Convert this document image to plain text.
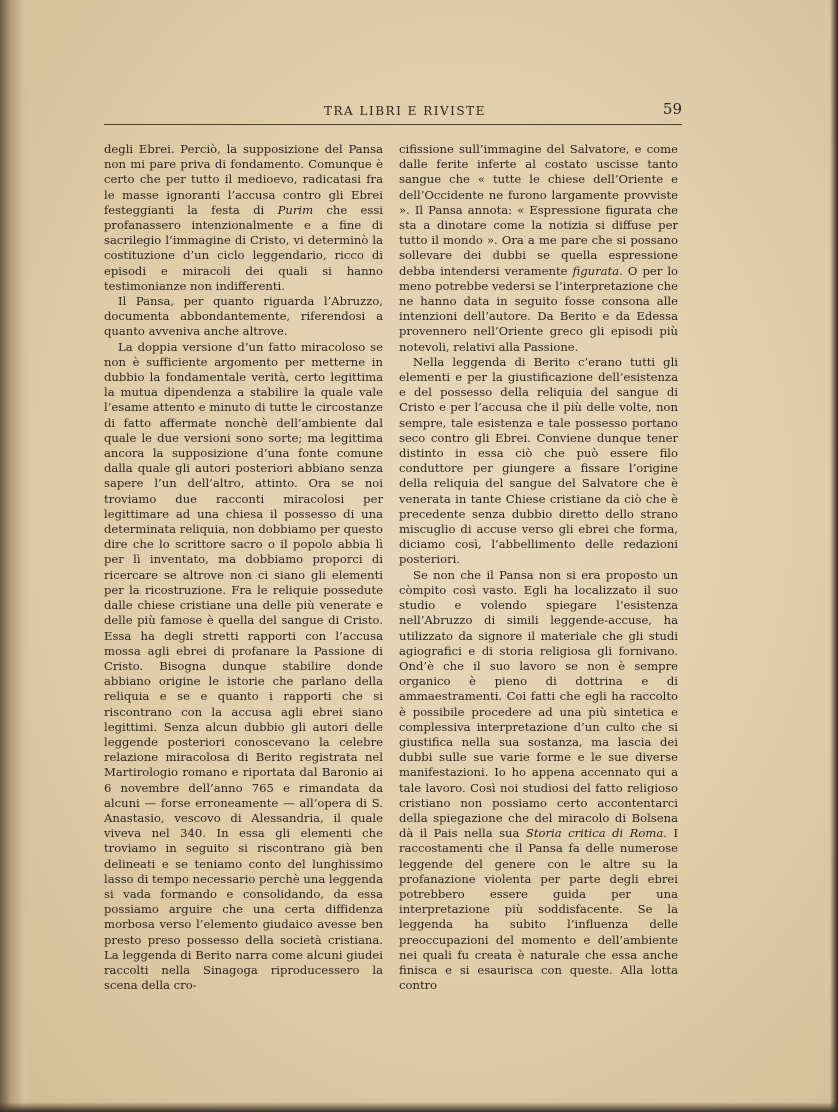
TRA LIBRI E RIVISTE	59

degli Ebrei. Perciò, la supposizione del Pansa non mi pare priva di fondamento. Comunque è certo che per tutto il medioevo, radicatasi fra le masse ignoranti l’accusa contro gli Ebrei festeggianti la festa di Purim che essi profanassero intenzionalmente e a fine di sacrilegio l’immagine di Cristo, vi determinò la costituzione d’un ciclo leggendario, ricco di episodi e miracoli dei quali si hanno testimonianze non indifferenti.

Il Pansa, per quanto riguarda l’Abruzzo, documenta abbondantemente, riferendosi a quanto avveniva anche altrove.

La doppia versione d’un fatto miracoloso se non è sufficiente argomento per metterne in dubbio la fondamentale verità, certo legittima la mutua dipendenza a stabilire la quale vale l’esame attento e minuto di tutte le circostanze di fatto affermate nonchè dell’ambiente dal quale le due versioni sono sorte; ma legittima ancora la supposizione d’una fonte comune dalla quale gli autori posteriori abbiano senza sapere l’un dell’altro, attinto. Ora se noi troviamo due racconti miracolosi per legittimare ad una chiesa il possesso di una determinata reliquia, non dobbiamo per questo dire che lo scrittore sacro o il popolo abbia lì per lì inventato, ma dobbiamo proporci di ricercare se altrove non ci siano gli elementi per la ricostruzione. Fra le reliquie possedute dalle chiese cristiane una delle più venerate e delle più famose è quella del sangue di Cristo. Essa ha degli stretti rapporti con l’accusa mossa agli ebrei di profanare la Passione di Cristo. Bisogna dunque stabilire donde abbiano origine le istorie che parlano della reliquia e se e quanto i rapporti che si riscontrano con la accusa agli ebrei siano legittimi. Senza alcun dubbio gli autori delle leggende posteriori conoscevano la celebre relazione miracolosa di Berito registrata nel Martirologio romano e riportata dal Baronio ai 6 novembre dell’anno 765 e rimandata da alcuni — forse erroneamente — all’opera di S. Anastasio, vescovo di Alessandria, il quale viveva nel 340. In essa gli elementi che troviamo in seguito si riscontrano già ben delineati e se teniamo conto del lunghissimo lasso di tempo necessario perchè una leggenda si vada formando e consolidando, da essa possiamo arguire che una certa diffidenza morbosa verso l’elemento giudaico avesse ben presto preso possesso della società cristiana. La leggenda di Berito narra come alcuni giudei raccolti nella Sinagoga riproducessero la scena della cro-

cifissione sull’immagine del Salvatore, e come dalle ferite inferte al costato uscisse tanto sangue che « tutte le chiese dell’Oriente e dell’Occidente ne furono largamente provviste ». Il Pansa annota: « Espressione figurata che sta a dinotare come la notizia si diffuse per tutto il mondo ». Ora a me pare che si possano sollevare dei dubbi se quella espressione debba intendersi veramente figurata. O per lo meno potrebbe vedersi se l’interpretazione che ne hanno data in seguito fosse consona alle intenzioni dell’autore. Da Berito e da Edessa provennero nell’Oriente greco gli episodi più notevoli, relativi alla Passione.

Nella leggenda di Berito c’erano tutti gli elementi e per la giustificazione dell’esistenza e del possesso della reliquia del sangue di Cristo e per l’accusa che il più delle volte, non sempre, tale esistenza e tale possesso portano seco contro gli Ebrei. Conviene dunque tener distinto in essa ciò che può essere filo conduttore per giungere a fissare l’origine della reliquia del sangue del Salvatore che è venerata in tante Chiese cristiane da ciò che è precedente senza dubbio diretto dello strano miscuglio di accuse verso gli ebrei che forma, diciamo così, l’abbellimento delle redazioni posteriori.

Se non che il Pansa non si era proposto un còmpito così vasto. Egli ha localizzato il suo studio e volendo spiegare l’esistenza nell’Abruzzo di simili leggende-accuse, ha utilizzato da signore il materiale che gli studi agiografici e di storia religiosa gli fornivano. Ond’è che il suo lavoro se non è sempre organico è pieno di dottrina e di ammaestramenti. Coi fatti che egli ha raccolto è possibile procedere ad una più sintetica e complessiva interpretazione d’un culto che si giustifica nella sua sostanza, ma lascia dei dubbi sulle sue varie forme e le sue diverse manifestazioni. Io ho appena accennato qui a tale lavoro. Così noi studiosi del fatto religioso cristiano non possiamo certo accontentarci della spiegazione che del miracolo di Bolsena dà il Pais nella sua Storia critica di Roma. I raccostamenti che il Pansa fa delle numerose leggende del genere con le altre su la profanazione violenta per parte degli ebrei potrebbero essere guida per una interpretazione più soddisfacente. Se la leggenda ha subito l’influenza delle preoccupazioni del momento e dell’ambiente nei quali fu creata è naturale che essa anche finisca e si esaurisca con queste. Alla lotta contro
